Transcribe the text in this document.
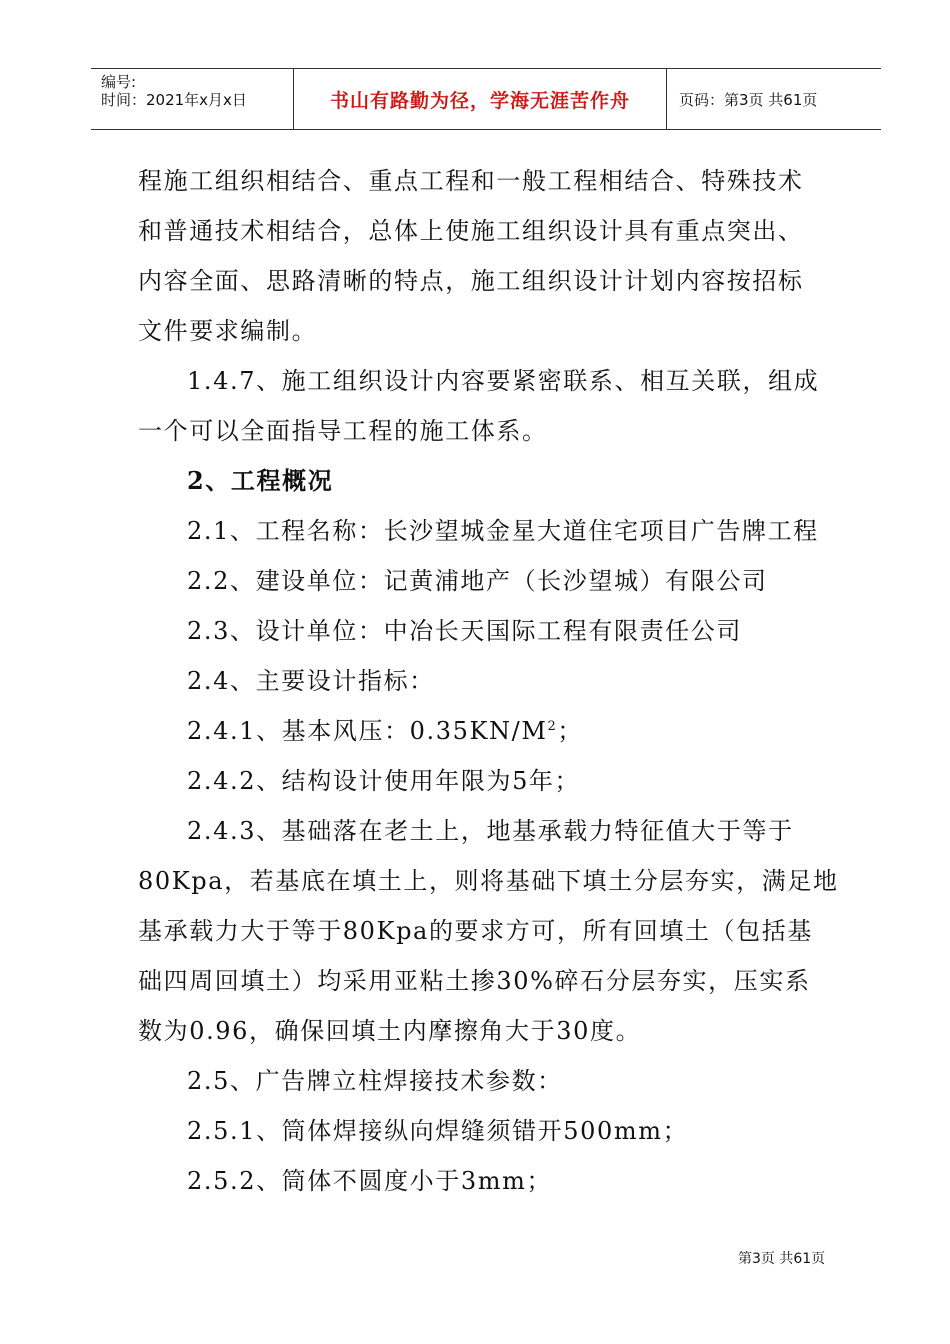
编号:
时间：2021年x月x日	书山有路勤为径，学海无涯苦作舟	页码：第3页 共61页
程施工组织相结合、重点工程和一般工程相结合、特殊技术
和普通技术相结合，总体上使施工组织设计具有重点突出、
内容全面、思路清晰的特点，施工组织设计计划内容按招标
文件要求编制。
1.4.7、施工组织设计内容要紧密联系、相互关联，组成
一个可以全面指导工程的施工体系。
2、工程概况
2.1、工程名称：长沙望城金星大道住宅项目广告牌工程
2.2、建设单位：记黄浦地产（长沙望城）有限公司
2.3、设计单位：中冶长天国际工程有限责任公司
2.4、主要设计指标：
2.4.1、基本风压：$0.35KN/M^2$；
2.4.2、结构设计使用年限为5年；
2.4.3、基础落在老土上，地基承载力特征值大于等于
80Kpa，若基底在填土上，则将基础下填土分层夯实，满足地
基承载力大于等于80Kpa的要求方可，所有回填土（包括基
础四周回填土）均采用亚粘土掺30%碎石分层夯实，压实系
数为0.96，确保回填土内摩擦角大于30度。
2.5、广告牌立柱焊接技术参数：
2.5.1、筒体焊接纵向焊缝须错开500mm；
2.5.2、筒体不圆度小于3mm；
第3页 共61页
